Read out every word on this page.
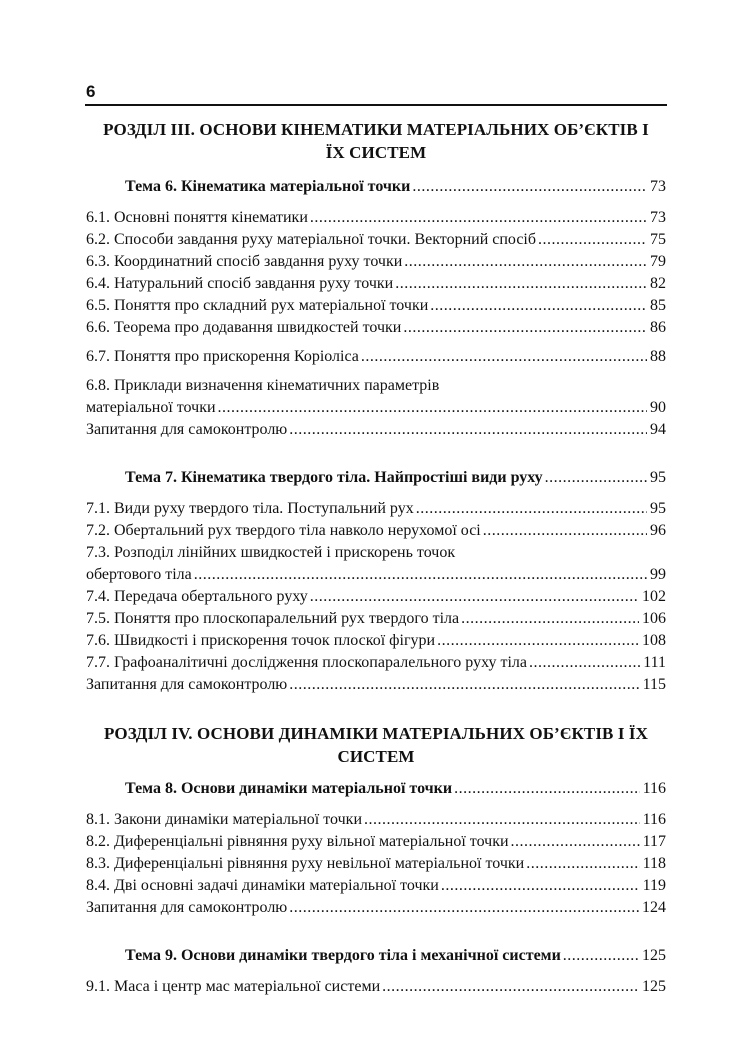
6

РОЗДІЛ ІІІ. ОСНОВИ КІНЕМАТИКИ МАТЕРІАЛЬНИХ ОБ’ЄКТІВ І
ЇХ СИСТЕМ

Тема 6. Кінематика матеріальної точки .....	73
6.1. Основні поняття кінематики .....	73
6.2. Способи завдання руху матеріальної точки. Векторний спосіб .....	75
6.3. Координатний спосіб завдання руху точки .....	79
6.4. Натуральний спосіб завдання руху точки .....	82
6.5. Поняття про складний рух матеріальної точки .....	85
6.6. Теорема про додавання швидкостей точки .....	86
6.7. Поняття про прискорення Коріоліса .....	88
6.8. Приклади визначення кінематичних параметрів
матеріальної точки .....	90
Запитання для самоконтролю .....	94
Тема 7. Кінематика твердого тіла. Найпростіші види руху .....	95
7.1. Види руху твердого тіла. Поступальний рух .....	95
7.2. Обертальний рух твердого тіла навколо нерухомої осі .....	96
7.3. Розподіл лінійних швидкостей і прискорень точок
обертового тіла .....	99
7.4. Передача обертального руху .....	102
7.5. Поняття про плоскопаралельний рух твердого тіла .....	106
7.6. Швидкості і прискорення точок плоскої фігури .....	108
7.7. Графоаналітичні дослідження плоскопаралельного руху тіла .....	111
Запитання для самоконтролю .....	115

РОЗДІЛ ІV. ОСНОВИ ДИНАМІКИ МАТЕРІАЛЬНИХ ОБ’ЄКТІВ І ЇХ
СИСТЕМ

Тема 8. Основи динаміки матеріальної точки .....	116
8.1. Закони динаміки матеріальної точки .....	116
8.2. Диференціальні рівняння руху вільної матеріальної точки .....	117
8.3. Диференціальні рівняння руху невільної матеріальної точки .....	118
8.4. Дві основні задачі динаміки матеріальної точки .....	119
Запитання для самоконтролю .....	124
Тема 9. Основи динаміки твердого тіла і механічної системи .....	125
9.1. Маса і центр мас матеріальної системи .....	125
